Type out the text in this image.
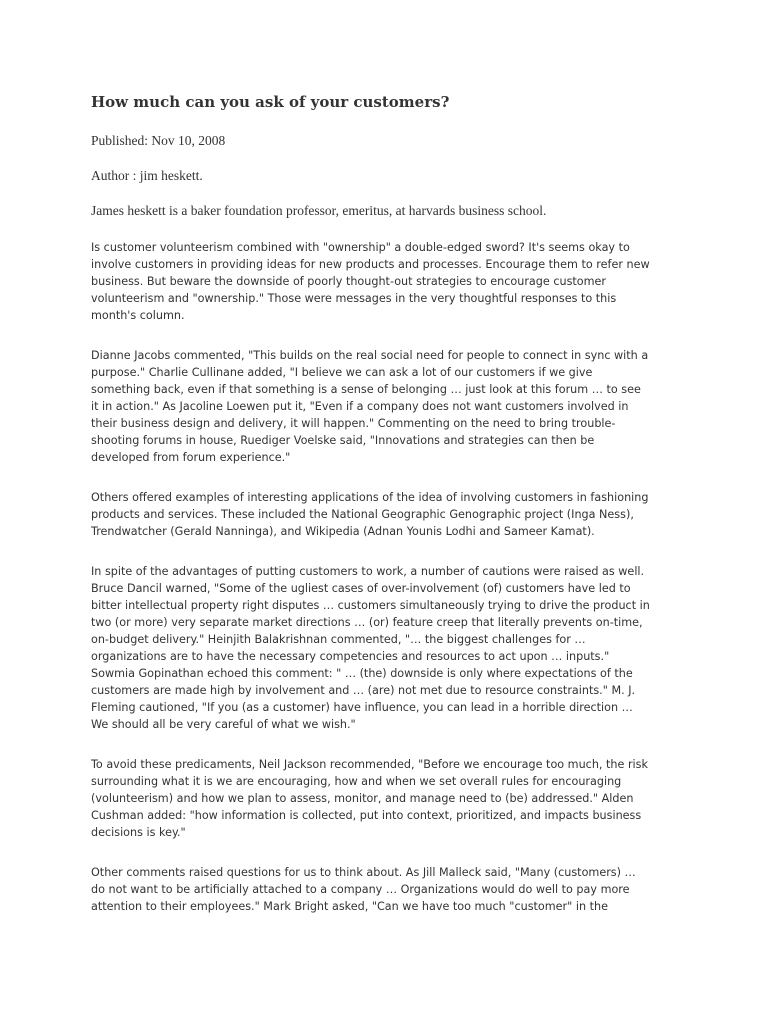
How much can you ask of your customers?
Published: Nov 10, 2008
Author : jim heskett.
James heskett is a baker foundation professor, emeritus, at harvards business school.

Is customer volunteerism combined with "ownership" a double-edged sword? It's seems okay to involve customers in providing ideas for new products and processes. Encourage them to refer new business. But beware the downside of poorly thought-out strategies to encourage customer volunteerism and "ownership." Those were messages in the very thoughtful responses to this month's column.

Dianne Jacobs commented, "This builds on the real social need for people to connect in sync with a purpose." Charlie Cullinane added, "I believe we can ask a lot of our customers if we give something back, even if that something is a sense of belonging … just look at this forum … to see it in action." As Jacoline Loewen put it, "Even if a company does not want customers involved in their business design and delivery, it will happen." Commenting on the need to bring trouble-shooting forums in house, Ruediger Voelske said, "Innovations and strategies can then be developed from forum experience."

Others offered examples of interesting applications of the idea of involving customers in fashioning products and services. These included the National Geographic Genographic project (Inga Ness), Trendwatcher (Gerald Nanninga), and Wikipedia (Adnan Younis Lodhi and Sameer Kamat).

In spite of the advantages of putting customers to work, a number of cautions were raised as well. Bruce Dancil warned, "Some of the ugliest cases of over-involvement (of) customers have led to bitter intellectual property right disputes … customers simultaneously trying to drive the product in two (or more) very separate market directions … (or) feature creep that literally prevents on-time, on-budget delivery." Heinjith Balakrishnan commented, "… the biggest challenges for … organizations are to have the necessary competencies and resources to act upon … inputs." Sowmia Gopinathan echoed this comment: " … (the) downside is only where expectations of the customers are made high by involvement and … (are) not met due to resource constraints." M. J. Fleming cautioned, "If you (as a customer) have influence, you can lead in a horrible direction … We should all be very careful of what we wish."

To avoid these predicaments, Neil Jackson recommended, "Before we encourage too much, the risk surrounding what it is we are encouraging, how and when we set overall rules for encouraging (volunteerism) and how we plan to assess, monitor, and manage need to (be) addressed." Alden Cushman added: "how information is collected, put into context, prioritized, and impacts business decisions is key."

Other comments raised questions for us to think about. As Jill Malleck said, "Many (customers) … do not want to be artificially attached to a company … Organizations would do well to pay more attention to their employees." Mark Bright asked, "Can we have too much "customer" in the
